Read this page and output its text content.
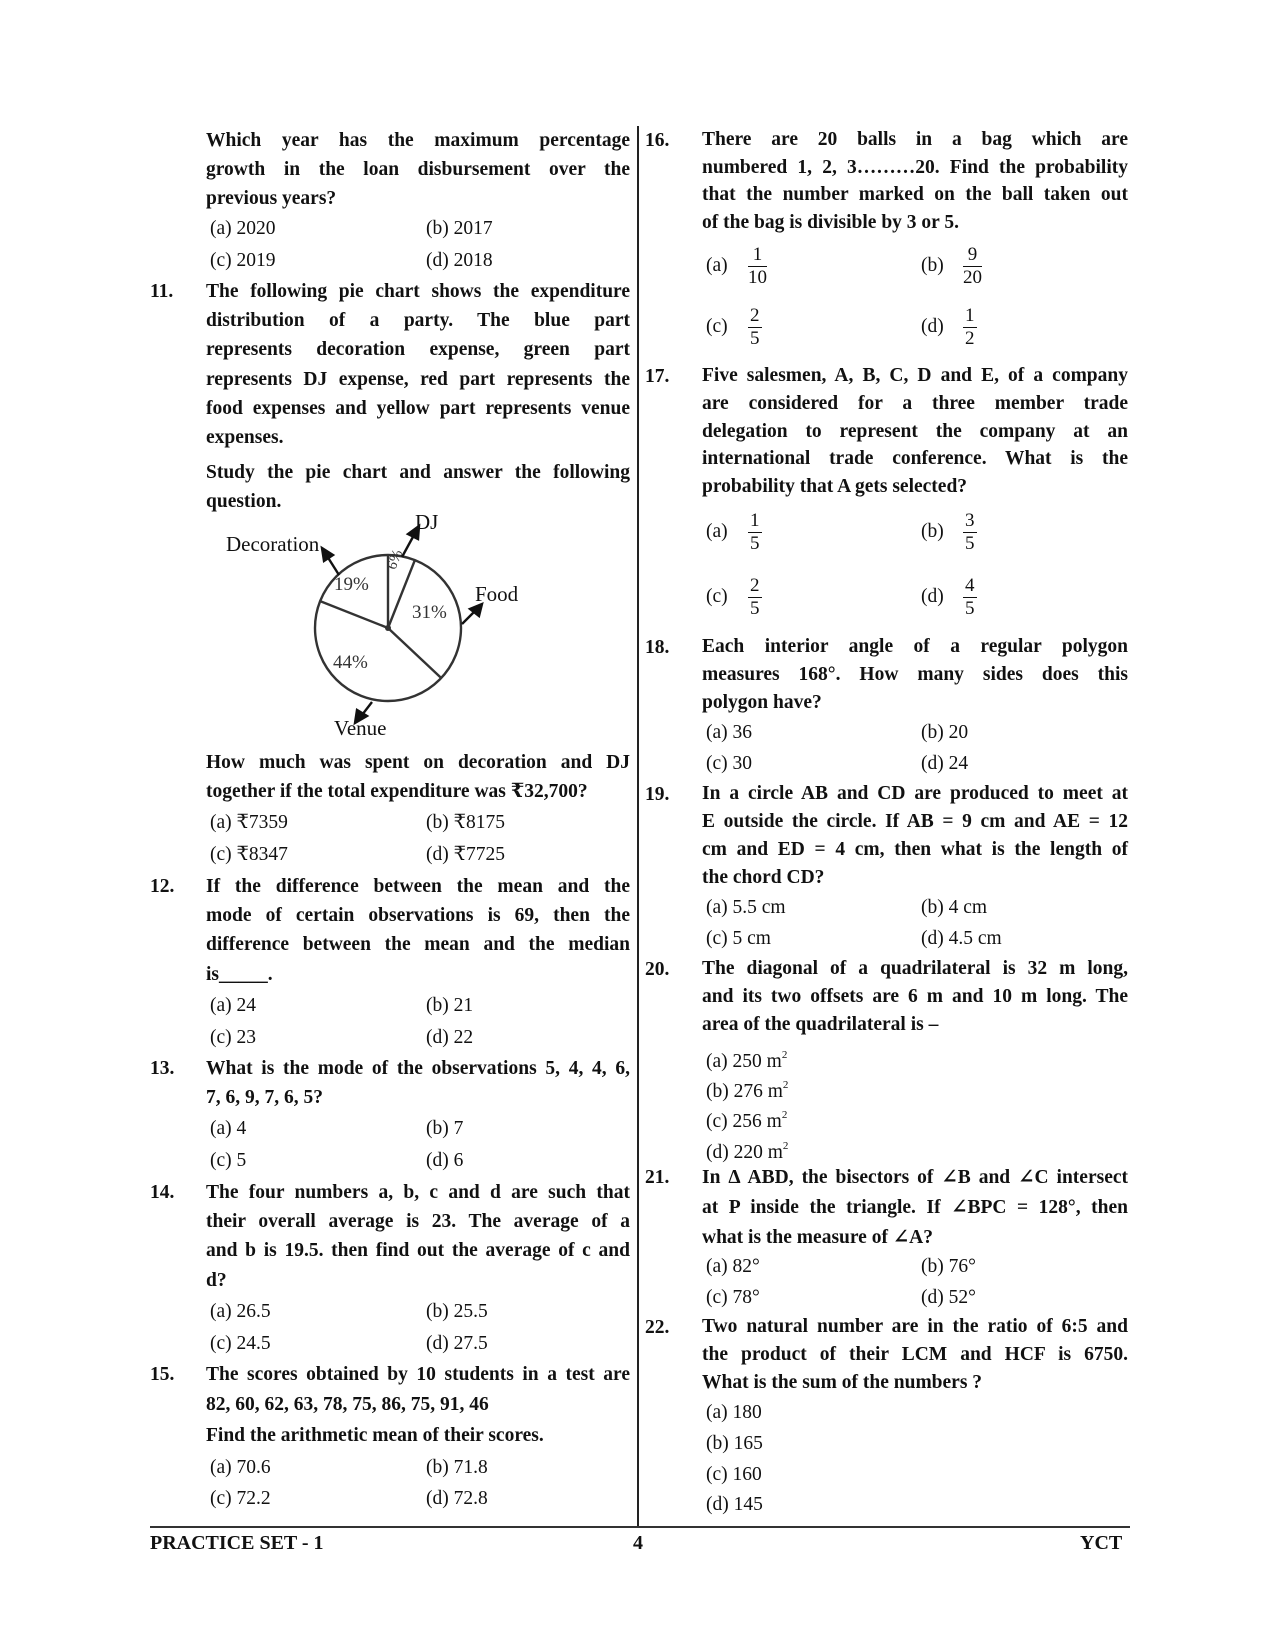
Which year has the maximum percentage
growth in the loan disbursement over the
previous years?
(a) 2020	(b) 2017
(c) 2019	(d) 2018
11. The following pie chart shows the expenditure
distribution of a party. The blue part
represents decoration expense, green part
represents DJ expense, red part represents the
food expenses and yellow part represents venue
expenses.
Study the pie chart and answer the following
question.
Decoration
DJ
Food
Venue
19%
6%
31%
44%
How much was spent on decoration and DJ
together if the total expenditure was ₹32,700?
(a) ₹7359	(b) ₹8175
(c) ₹8347	(d) ₹7725
12. If the difference between the mean and the
mode of certain observations is 69, then the
difference between the mean and the median
is_____.
(a) 24	(b) 21
(c) 23	(d) 22
13. What is the mode of the observations 5, 4, 4, 6,
7, 6, 9, 7, 6, 5?
(a) 4	(b) 7
(c) 5	(d) 6
14. The four numbers a, b, c and d are such that
their overall average is 23. The average of a
and b is 19.5. then find out the average of c and
d?
(a) 26.5	(b) 25.5
(c) 24.5	(d) 27.5
15. The scores obtained by 10 students in a test are
82, 60, 62, 63, 78, 75, 86, 75, 91, 46
Find the arithmetic mean of their scores.
(a) 70.6	(b) 71.8
(c) 72.2	(d) 72.8
16. There are 20 balls in a bag which are
numbered 1, 2, 3………20. Find the probability
that the number marked on the ball taken out
of the bag is divisible by 3 or 5.
$(a) \frac{1}{10}$	$(b) \frac{9}{20}$
$(c) \frac{2}{5}$	$(d) \frac{1}{2}$
17. Five salesmen, A, B, C, D and E, of a company
are considered for a three member trade
delegation to represent the company at an
international trade conference. What is the
probability that A gets selected?
$(a) \frac{1}{5}$	$(b) \frac{3}{5}$
$(c) \frac{2}{5}$	$(d) \frac{4}{5}$
18. Each interior angle of a regular polygon
measures 168°. How many sides does this
polygon have?
(a) 36	(b) 20
(c) 30	(d) 24
19. In a circle AB and CD are produced to meet at
E outside the circle. If AB = 9 cm and AE = 12
cm and ED = 4 cm, then what is the length of
the chord CD?
(a) 5.5 cm	(b) 4 cm
(c) 5 cm	(d) 4.5 cm
20. The diagonal of a quadrilateral is 32 m long,
and its two offsets are 6 m and 10 m long. The
area of the quadrilateral is –
(a) 250 $m^2$
(b) 276 $m^2$
(c) 256 $m^2$
(d) 220 $m^2$
21. In Δ ABD, the bisectors of ∠B and ∠C intersect
at P inside the triangle. If ∠BPC = 128°, then
what is the measure of ∠A?
(a) 82°	(b) 76°
(c) 78°	(d) 52°
22. Two natural number are in the ratio of 6:5 and
the product of their LCM and HCF is 6750.
What is the sum of the numbers ?
(a) 180
(b) 165
(c) 160
(d) 145
PRACTICE SET - 1	4	YCT
